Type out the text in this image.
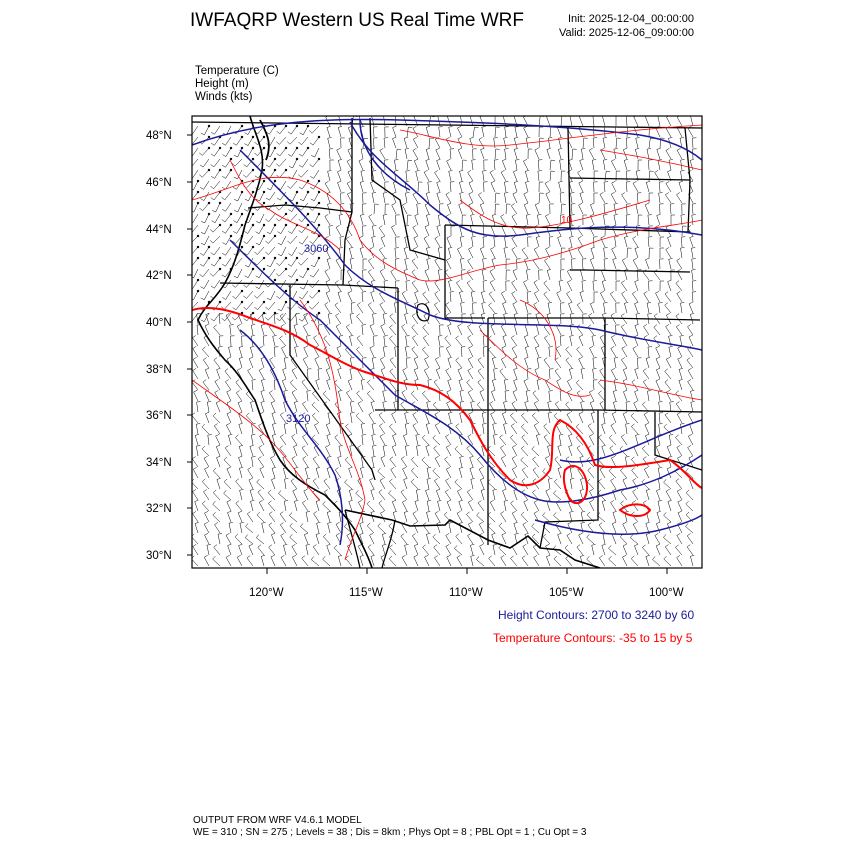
IWFAQRP Western US Real Time WRF	Init: 2025-12-04_00:00:00
Valid: 2025-12-06_09:00:00
Temperature (C)
Height (m)
Winds (kts)
3060
3120
10
48°N
46°N
44°N
42°N
40°N
38°N
36°N
34°N
32°N
30°N
120°W	115°W	110°W	105°W	100°W
Height Contours: 2700 to 3240 by 60
Temperature Contours: -35 to 15 by 5
OUTPUT FROM WRF V4.6.1 MODEL
WE = 310 ; SN = 275 ; Levels = 38 ; Dis = 8km ; Phys Opt = 8 ; PBL Opt = 1 ; Cu Opt = 3
